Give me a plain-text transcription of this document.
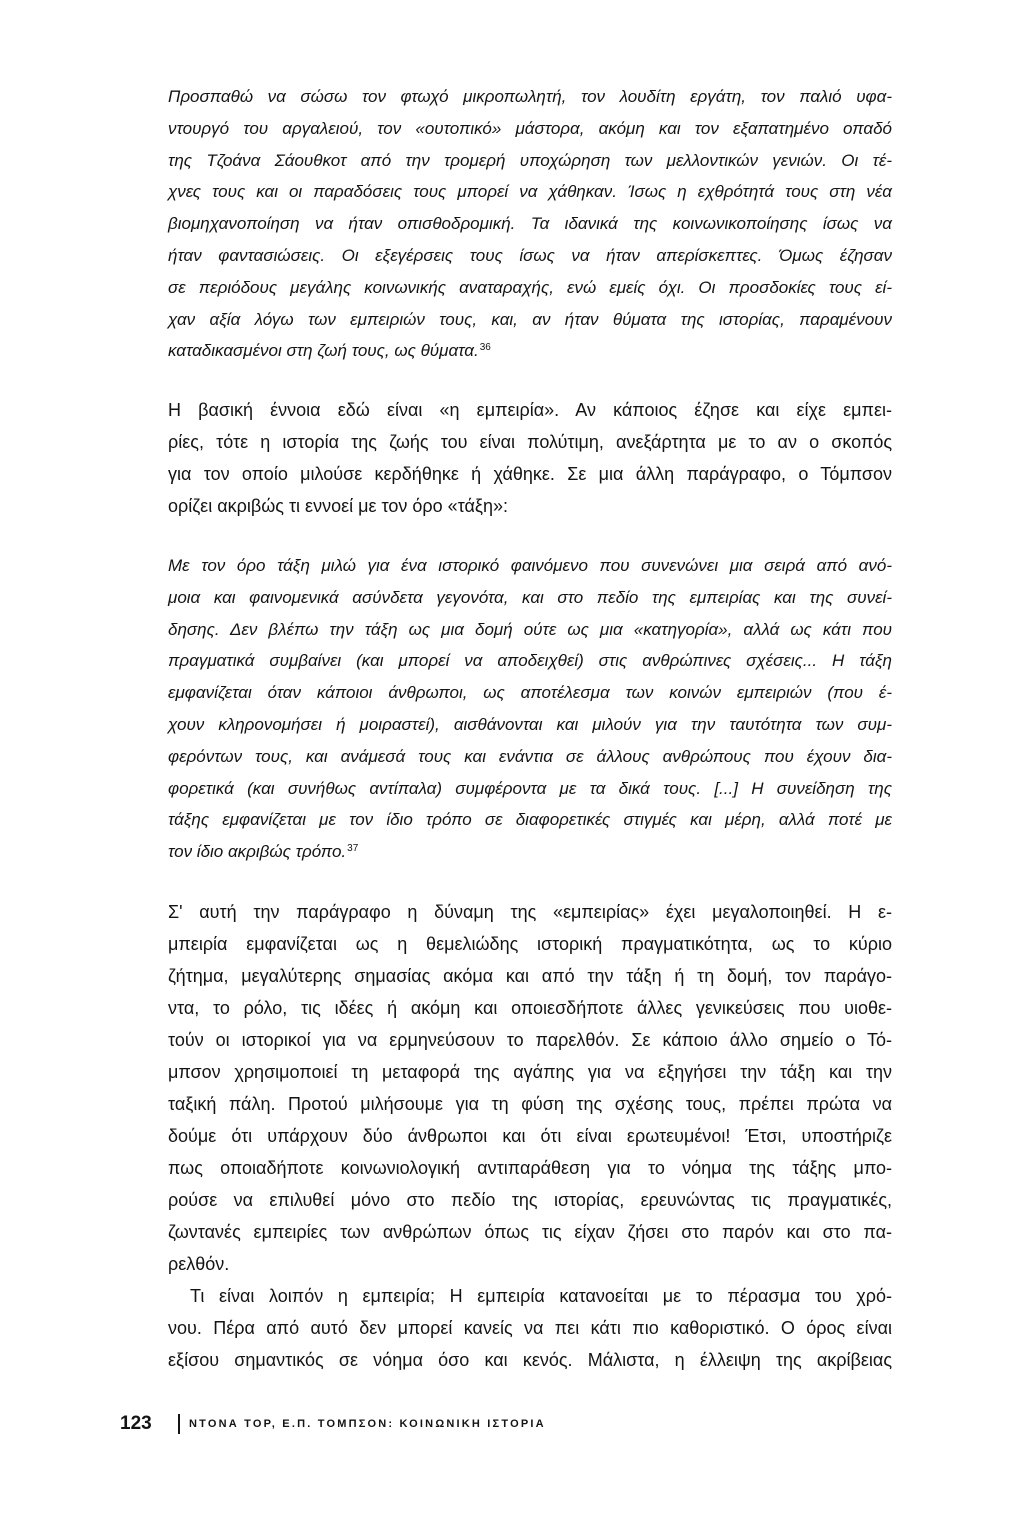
Προσπαθώ να σώσω τον φτωχό μικροπωλητή, τον λουδίτη εργάτη, τον παλιό υφα-
ντουργό του αργαλειού, τον «ουτοπικό» μάστορα, ακόμη και τον εξαπατημένο οπαδό
της Τζοάνα Σάουθκοτ από την τρομερή υποχώρηση των μελλοντικών γενιών. Οι τέ-
χνες τους και οι παραδόσεις τους μπορεί να χάθηκαν. Ίσως η εχθρότητά τους στη νέα
βιομηχανοποίηση να ήταν οπισθοδρομική. Τα ιδανικά της κοινωνικοποίησης ίσως να
ήταν φαντασιώσεις. Οι εξεγέρσεις τους ίσως να ήταν απερίσκεπτες. Όμως έζησαν
σε περιόδους μεγάλης κοινωνικής αναταραχής, ενώ εμείς όχι. Οι προσδοκίες τους εί-
χαν αξία λόγω των εμπειριών τους, και, αν ήταν θύματα της ιστορίας, παραμένουν
καταδικασμένοι στη ζωή τους, ως θύματα.$^{36}$
Η βασική έννοια εδώ είναι «η εμπειρία». Αν κάποιος έζησε και είχε εμπει-
ρίες, τότε η ιστορία της ζωής του είναι πολύτιμη, ανεξάρτητα με το αν ο σκοπός
για τον οποίο μιλούσε κερδήθηκε ή χάθηκε. Σε μια άλλη παράγραφο, ο Τόμπσον
ορίζει ακριβώς τι εννοεί με τον όρο «τάξη»:
Με τον όρο τάξη μιλώ για ένα ιστορικό φαινόμενο που συνενώνει μια σειρά από ανό-
μοια και φαινομενικά ασύνδετα γεγονότα, και στο πεδίο της εμπειρίας και της συνεί-
δησης. Δεν βλέπω την τάξη ως μια δομή ούτε ως μια «κατηγορία», αλλά ως κάτι που
πραγματικά συμβαίνει (και μπορεί να αποδειχθεί) στις ανθρώπινες σχέσεις... Η τάξη
εμφανίζεται όταν κάποιοι άνθρωποι, ως αποτέλεσμα των κοινών εμπειριών (που έ-
χουν κληρονομήσει ή μοιραστεί), αισθάνονται και μιλούν για την ταυτότητα των συμ-
φερόντων τους, και ανάμεσά τους και ενάντια σε άλλους ανθρώπους που έχουν δια-
φορετικά (και συνήθως αντίπαλα) συμφέροντα με τα δικά τους. [...] Η συνείδηση της
τάξης εμφανίζεται με τον ίδιο τρόπο σε διαφορετικές στιγμές και μέρη, αλλά ποτέ με
τον ίδιο ακριβώς τρόπο.$^{37}$
Σ' αυτή την παράγραφο η δύναμη της «εμπειρίας» έχει μεγαλοποιηθεί. Η ε-
μπειρία εμφανίζεται ως η θεμελιώδης ιστορική πραγματικότητα, ως το κύριο
ζήτημα, μεγαλύτερης σημασίας ακόμα και από την τάξη ή τη δομή, τον παράγο-
ντα, το ρόλο, τις ιδέες ή ακόμη και οποιεσδήποτε άλλες γενικεύσεις που υιοθε-
τούν οι ιστορικοί για να ερμηνεύσουν το παρελθόν. Σε κάποιο άλλο σημείο ο Τό-
μπσον χρησιμοποιεί τη μεταφορά της αγάπης για να εξηγήσει την τάξη και την
ταξική πάλη. Προτού μιλήσουμε για τη φύση της σχέσης τους, πρέπει πρώτα να
δούμε ότι υπάρχουν δύο άνθρωποι και ότι είναι ερωτευμένοι! Έτσι, υποστήριζε
πως οποιαδήποτε κοινωνιολογική αντιπαράθεση για το νόημα της τάξης μπο-
ρούσε να επιλυθεί μόνο στο πεδίο της ιστορίας, ερευνώντας τις πραγματικές,
ζωντανές εμπειρίες των ανθρώπων όπως τις είχαν ζήσει στο παρόν και στο πα-
ρελθόν.
Τι είναι λοιπόν η εμπειρία; Η εμπειρία κατανοείται με το πέρασμα του χρό-
νου. Πέρα από αυτό δεν μπορεί κανείς να πει κάτι πιο καθοριστικό. Ο όρος είναι
εξίσου σημαντικός σε νόημα όσο και κενός. Μάλιστα, η έλλειψη της ακρίβειας
123	ΝΤΟΝΑ ΤΟΡ, Ε.Π. ΤΟΜΠΣΟΝ: ΚΟΙΝΩΝΙΚΗ ΙΣΤΟΡΙΑ
